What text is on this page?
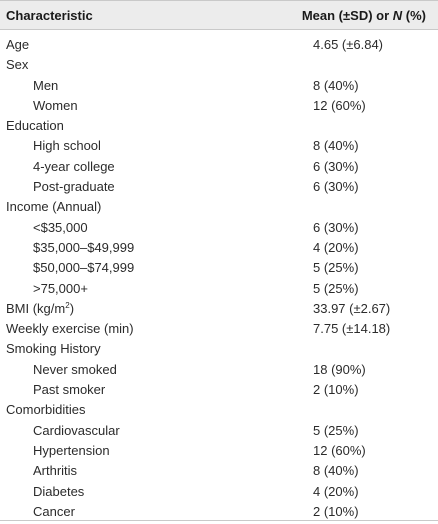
Characteristic	Mean (±SD) or N (%)
Age	4.65 (±6.84)
Sex
Men	8 (40%)
Women	12 (60%)
Education
High school	8 (40%)
4-year college	6 (30%)
Post-graduate	6 (30%)
Income (Annual)
<$35,000	6 (30%)
$35,000–$49,999	4 (20%)
$50,000–$74,999	5 (25%)
>75,000+	5 (25%)
BMI $(kg/m^2)$	33.97 (±2.67)
Weekly exercise (min)	7.75 (±14.18)
Smoking History
Never smoked	18 (90%)
Past smoker	2 (10%)
Comorbidities
Cardiovascular	5 (25%)
Hypertension	12 (60%)
Arthritis	8 (40%)
Diabetes	4 (20%)
Cancer	2 (10%)
